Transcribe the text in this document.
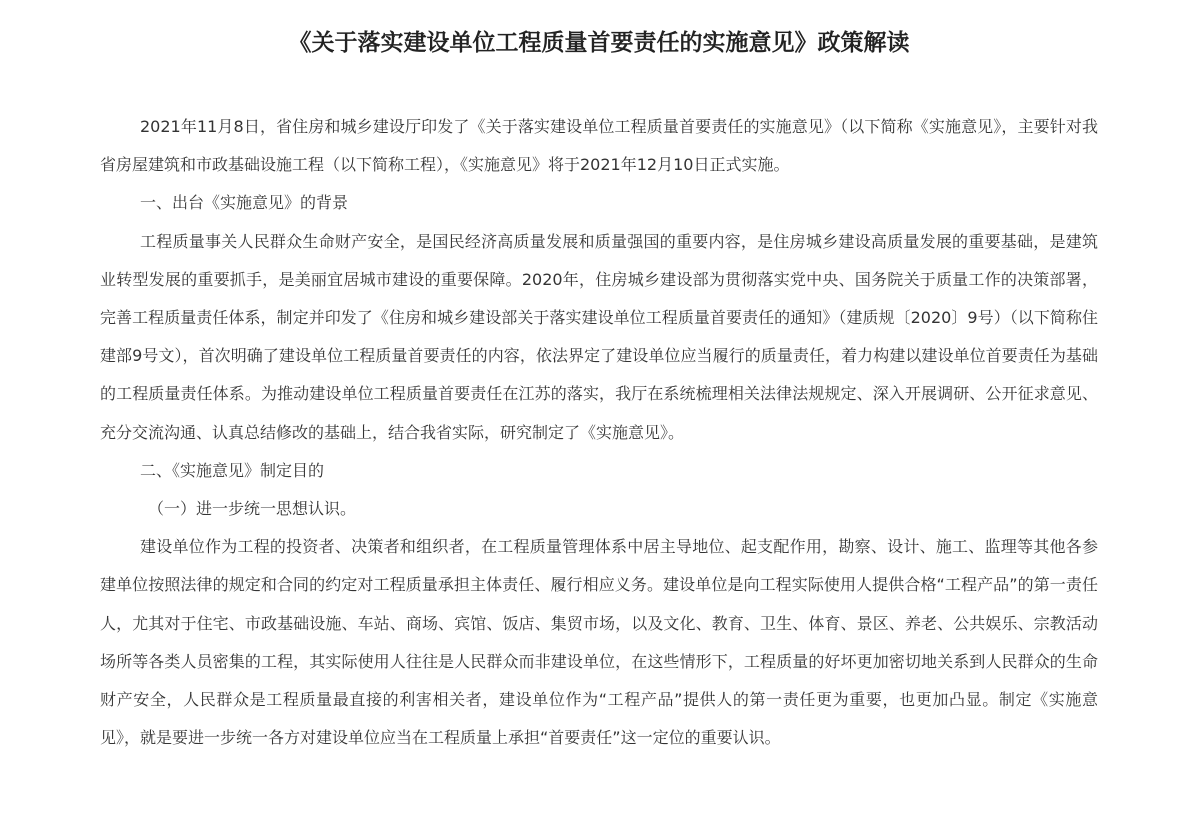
《关于落实建设单位工程质量首要责任的实施意见》政策解读

2021年11月8日，省住房和城乡建设厅印发了《关于落实建设单位工程质量首要责任的实施意见》（以下简称《实施意见》，主要针对我省房屋建筑和市政基础设施工程（以下简称工程），《实施意见》将于2021年12月10日正式实施。

一、出台《实施意见》的背景

工程质量事关人民群众生命财产安全，是国民经济高质量发展和质量强国的重要内容，是住房城乡建设高质量发展的重要基础，是建筑业转型发展的重要抓手，是美丽宜居城市建设的重要保障。2020年，住房城乡建设部为贯彻落实党中央、国务院关于质量工作的决策部署，完善工程质量责任体系，制定并印发了《住房和城乡建设部关于落实建设单位工程质量首要责任的通知》（建质规〔2020〕9号）（以下简称住建部9号文），首次明确了建设单位工程质量首要责任的内容，依法界定了建设单位应当履行的质量责任，着力构建以建设单位首要责任为基础的工程质量责任体系。为推动建设单位工程质量首要责任在江苏的落实，我厅在系统梳理相关法律法规规定、深入开展调研、公开征求意见、充分交流沟通、认真总结修改的基础上，结合我省实际，研究制定了《实施意见》。

二、《实施意见》制定目的

（一）进一步统一思想认识。

建设单位作为工程的投资者、决策者和组织者，在工程质量管理体系中居主导地位、起支配作用，勘察、设计、施工、监理等其他各参建单位按照法律的规定和合同的约定对工程质量承担主体责任、履行相应义务。建设单位是向工程实际使用人提供合格“工程产品”的第一责任人，尤其对于住宅、市政基础设施、车站、商场、宾馆、饭店、集贸市场，以及文化、教育、卫生、体育、景区、养老、公共娱乐、宗教活动场所等各类人员密集的工程，其实际使用人往往是人民群众而非建设单位，在这些情形下，工程质量的好坏更加密切地关系到人民群众的生命财产安全，人民群众是工程质量最直接的利害相关者，建设单位作为“工程产品”提供人的第一责任更为重要，也更加凸显。制定《实施意见》，就是要进一步统一各方对建设单位应当在工程质量上承担“首要责任”这一定位的重要认识。
